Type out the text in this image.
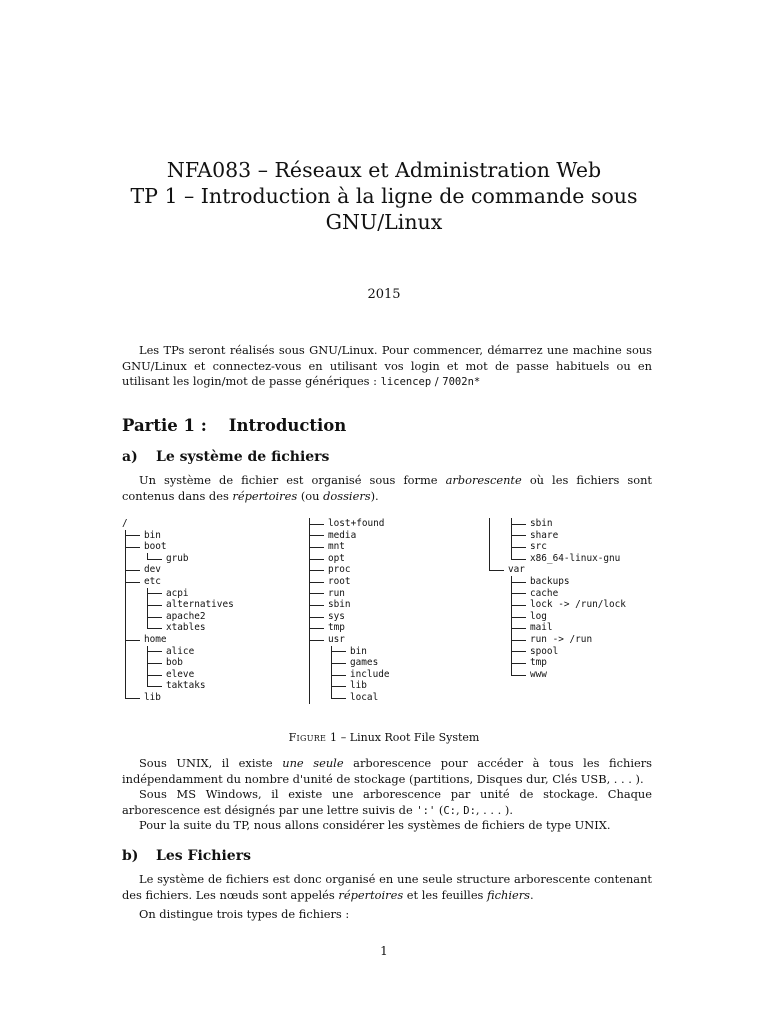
NFA083 – Réseaux et Administration Web
TP 1 – Introduction à la ligne de commande sous
GNU/Linux
2015
Les TPs seront réalisés sous GNU/Linux. Pour commencer, démarrez une machine sous GNU/Linux et connectez-vous en utilisant vos login et mot de passe habituels ou en utilisant les login/mot de passe génériques : licencep / 7002n*
Partie 1 : Introduction
a) Le système de fichiers
Un système de fichier est organisé sous forme arborescente où les fichiers sont contenus dans des répertoires (ou dossiers).
/
bin
boot
grub
dev
etc
acpi
alternatives
apache2
xtables
home
alice
bob
eleve
taktaks
lib
lost+found
media
mnt
opt
proc
root
run
sbin
sys
tmp
usr
bin
games
include
lib
local
sbin
share
src
x86_64-linux-gnu
var
backups
cache
lock -> /run/lock
log
mail
run -> /run
spool
tmp
www
Figure 1 – Linux Root File System
Sous UNIX, il existe une seule arborescence pour accéder à tous les fichiers indépendamment du nombre d'unité de stockage (partitions, Disques dur, Clés USB, . . . ).
Sous MS Windows, il existe une arborescence par unité de stockage. Chaque arborescence est désignés par une lettre suivis de ':' (C:, D:, . . . ).
Pour la suite du TP, nous allons considérer les systèmes de fichiers de type UNIX.
b) Les Fichiers
Le système de fichiers est donc organisé en une seule structure arborescente contenant des fichiers. Les nœuds sont appelés répertoires et les feuilles fichiers.
On distingue trois types de fichiers :
1
